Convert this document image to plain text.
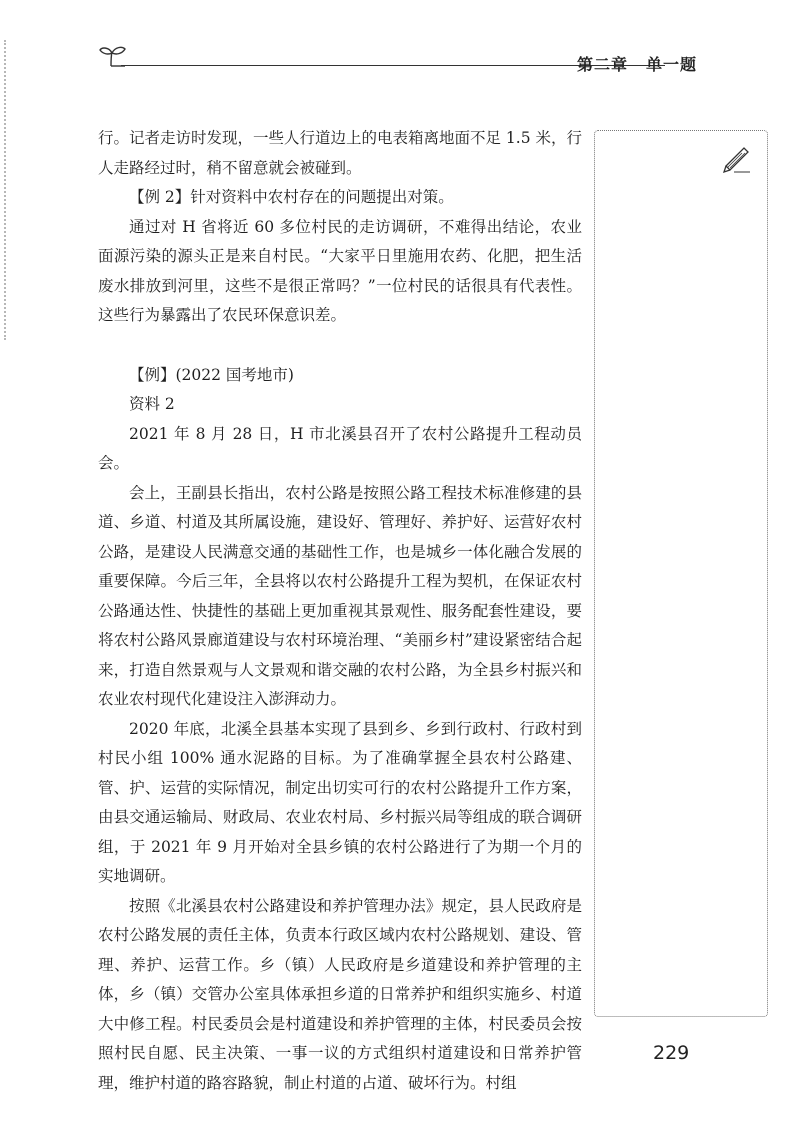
第二章 单一题

行。记者走访时发现，一些人行道边上的电表箱离地面不足 1.5 米，行人走路经过时，稍不留意就会被碰到。

【例 2】针对资料中农村存在的问题提出对策。

通过对 H 省将近 60 多位村民的走访调研，不难得出结论，农业面源污染的源头正是来自村民。“大家平日里施用农药、化肥，把生活废水排放到河里，这些不是很正常吗？”一位村民的话很具有代表性。这些行为暴露出了农民环保意识差。

【例】(2022 国考地市)

资料 2

2021 年 8 月 28 日，H 市北溪县召开了农村公路提升工程动员会。

会上，王副县长指出，农村公路是按照公路工程技术标准修建的县道、乡道、村道及其所属设施，建设好、管理好、养护好、运营好农村公路，是建设人民满意交通的基础性工作，也是城乡一体化融合发展的重要保障。今后三年，全县将以农村公路提升工程为契机，在保证农村公路通达性、快捷性的基础上更加重视其景观性、服务配套性建设，要将农村公路风景廊道建设与农村环境治理、“美丽乡村”建设紧密结合起来，打造自然景观与人文景观和谐交融的农村公路，为全县乡村振兴和农业农村现代化建设注入澎湃动力。

2020 年底，北溪全县基本实现了县到乡、乡到行政村、行政村到村民小组 100% 通水泥路的目标。为了准确掌握全县农村公路建、管、护、运营的实际情况，制定出切实可行的农村公路提升工作方案，由县交通运输局、财政局、农业农村局、乡村振兴局等组成的联合调研组，于 2021 年 9 月开始对全县乡镇的农村公路进行了为期一个月的实地调研。

按照《北溪县农村公路建设和养护管理办法》规定，县人民政府是农村公路发展的责任主体，负责本行政区域内农村公路规划、建设、管理、养护、运营工作。乡（镇）人民政府是乡道建设和养护管理的主体，乡（镇）交管办公室具体承担乡道的日常养护和组织实施乡、村道大中修工程。村民委员会是村道建设和养护管理的主体，村民委员会按照村民自愿、民主决策、一事一议的方式组织村道建设和日常养护管理，维护村道的路容路貌，制止村道的占道、破坏行为。村组

229
